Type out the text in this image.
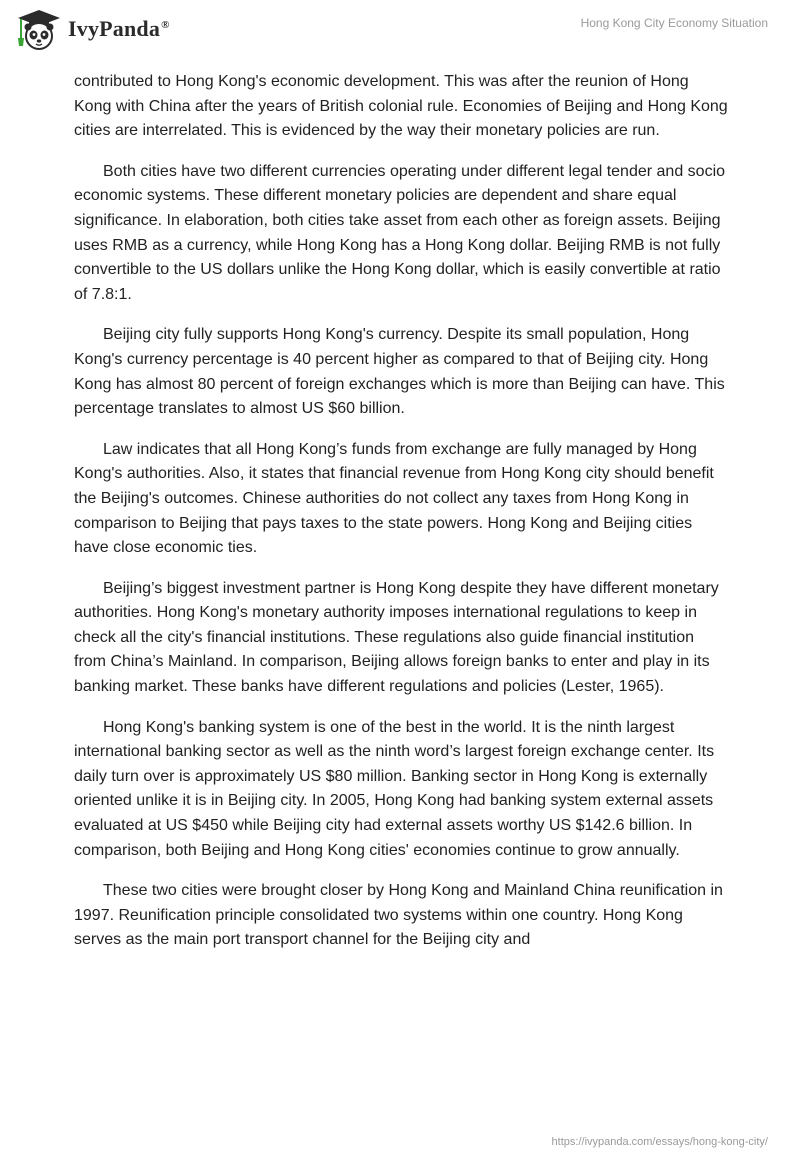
IvyPanda®	Hong Kong City Economy Situation

contributed to Hong Kong's economic development. This was after the reunion of Hong Kong with China after the years of British colonial rule. Economies of Beijing and Hong Kong cities are interrelated. This is evidenced by the way their monetary policies are run.

Both cities have two different currencies operating under different legal tender and socio economic systems. These different monetary policies are dependent and share equal significance. In elaboration, both cities take asset from each other as foreign assets. Beijing uses RMB as a currency, while Hong Kong has a Hong Kong dollar. Beijing RMB is not fully convertible to the US dollars unlike the Hong Kong dollar, which is easily convertible at ratio of 7.8:1.

Beijing city fully supports Hong Kong's currency. Despite its small population, Hong Kong's currency percentage is 40 percent higher as compared to that of Beijing city. Hong Kong has almost 80 percent of foreign exchanges which is more than Beijing can have. This percentage translates to almost US $60 billion.

Law indicates that all Hong Kong’s funds from exchange are fully managed by Hong Kong's authorities. Also, it states that financial revenue from Hong Kong city should benefit the Beijing's outcomes. Chinese authorities do not collect any taxes from Hong Kong in comparison to Beijing that pays taxes to the state powers. Hong Kong and Beijing cities have close economic ties.

Beijing’s biggest investment partner is Hong Kong despite they have different monetary authorities. Hong Kong's monetary authority imposes international regulations to keep in check all the city's financial institutions. These regulations also guide financial institution from China’s Mainland. In comparison, Beijing allows foreign banks to enter and play in its banking market. These banks have different regulations and policies (Lester, 1965).

Hong Kong's banking system is one of the best in the world. It is the ninth largest international banking sector as well as the ninth word’s largest foreign exchange center. Its daily turn over is approximately US $80 million. Banking sector in Hong Kong is externally oriented unlike it is in Beijing city. In 2005, Hong Kong had banking system external assets evaluated at US $450 while Beijing city had external assets worthy US $142.6 billion. In comparison, both Beijing and Hong Kong cities' economies continue to grow annually.

These two cities were brought closer by Hong Kong and Mainland China reunification in 1997. Reunification principle consolidated two systems within one country. Hong Kong serves as the main port transport channel for the Beijing city and

https://ivypanda.com/essays/hong-kong-city/
